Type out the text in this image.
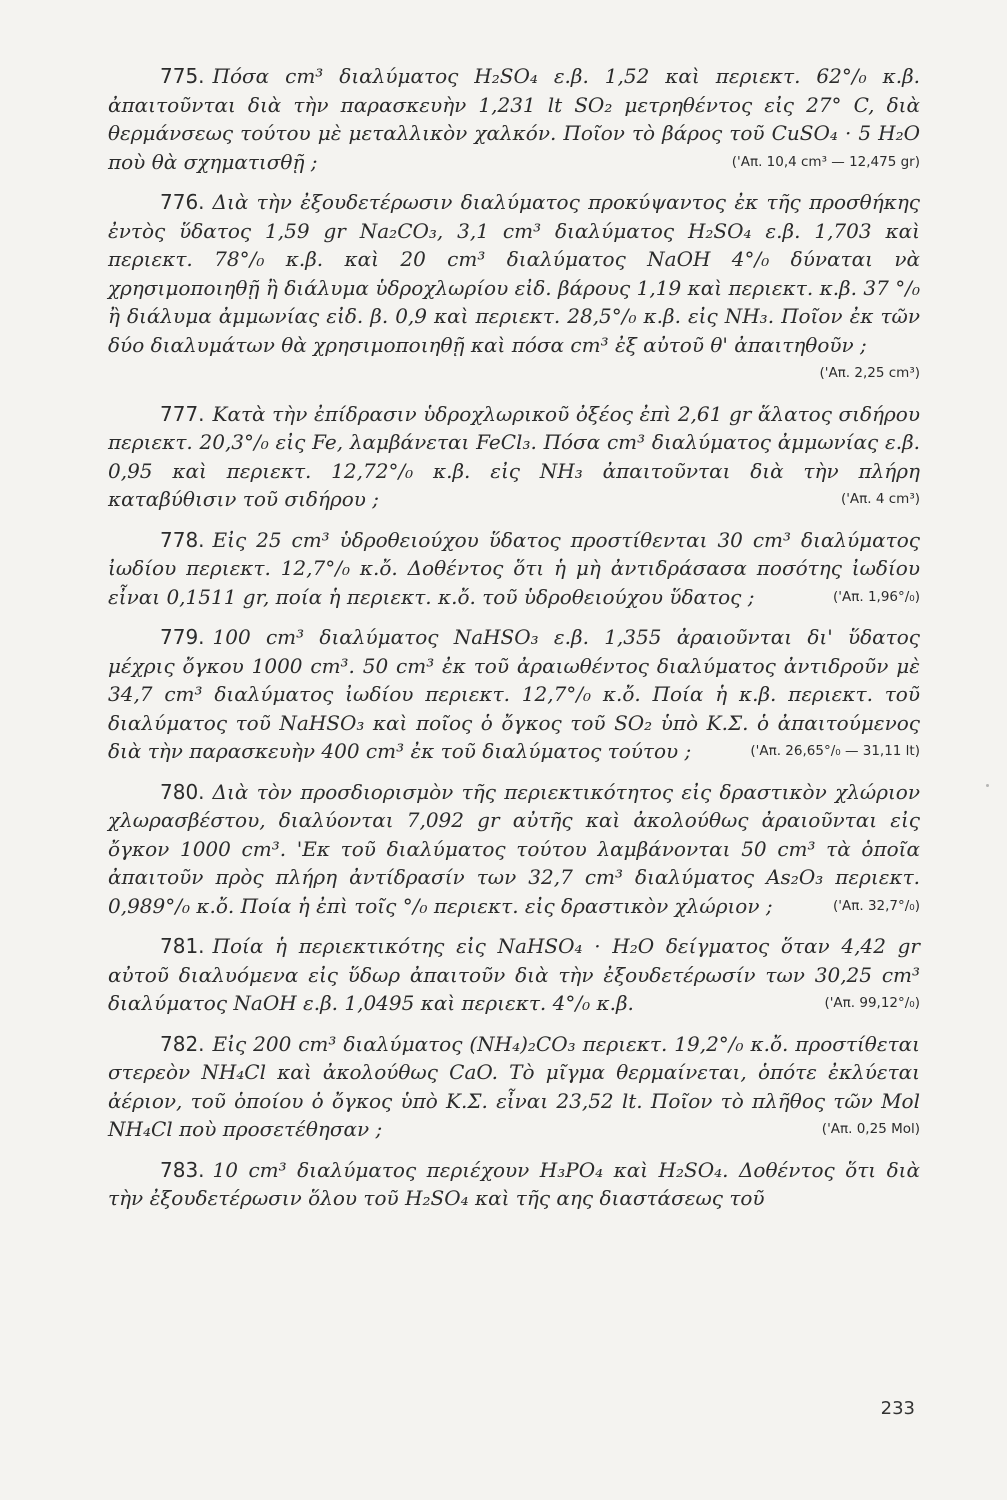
775. Πόσα cm³ διαλύματος H₂SO₄ ε.β. 1,52 καὶ περιεκτ. 62°/₀ κ.β. ἀπαιτοῦνται διὰ τὴν παρασκευὴν 1,231 lt SO₂ μετρηθέντος εἰς 27° C, διὰ θερμάνσεως τούτου μὲ μεταλλικὸν χαλκόν. Ποῖον τὸ βάρος τοῦ CuSO₄ · 5 H₂O ποὺ θὰ σχηματισθῇ ;	('Απ. 10,4 cm³ — 12,475 gr)

776. Διὰ τὴν ἐξουδετέρωσιν διαλύματος προκύψαντος ἐκ τῆς προσθήκης ἐντὸς ὕδατος 1,59 gr Na₂CO₃, 3,1 cm³ διαλύματος H₂SO₄ ε.β. 1,703 καὶ περιεκτ. 78°/₀ κ.β. καὶ 20 cm³ διαλύματος NaOH 4°/₀ δύναται νὰ χρησιμοποιηθῇ ἢ διάλυμα ὑδροχλωρίου εἰδ. βάρους 1,19 καὶ περιεκτ. κ.β. 37 °/₀ ἢ διάλυμα ἀμμωνίας εἰδ. β. 0,9 καὶ περιεκτ. 28,5°/₀ κ.β. εἰς NH₃. Ποῖον ἐκ τῶν δύο διαλυμάτων θὰ χρησιμοποιηθῇ καὶ πόσα cm³ ἐξ αὐτοῦ θ' ἀπαιτηθοῦν ;
('Απ. 2,25 cm³)

777. Κατὰ τὴν ἐπίδρασιν ὑδροχλωρικοῦ ὀξέος ἐπὶ 2,61 gr ἅλατος σιδήρου περιεκτ. 20,3°/₀ εἰς Fe, λαμβάνεται FeCl₃. Πόσα cm³ διαλύματος ἀμμωνίας ε.β. 0,95 καὶ περιεκτ. 12,72°/₀ κ.β. εἰς NH₃ ἀπαιτοῦνται διὰ τὴν πλήρη καταβύθισιν τοῦ σιδήρου ;	('Απ. 4 cm³)

778. Εἰς 25 cm³ ὑδροθειούχου ὕδατος προστίθενται 30 cm³ διαλύματος ἰωδίου περιεκτ. 12,7°/₀ κ.ὄ. Δοθέντος ὅτι ἡ μὴ ἀντιδράσασα ποσότης ἰωδίου εἶναι 0,1511 gr, ποία ἡ περιεκτ. κ.ὄ. τοῦ ὑδροθειούχου ὕδατος ;	('Απ. 1,96°/₀)

779. 100 cm³ διαλύματος NaHSO₃ ε.β. 1,355 ἀραιοῦνται δι' ὕδατος μέχρις ὄγκου 1000 cm³. 50 cm³ ἐκ τοῦ ἀραιωθέντος διαλύματος ἀντιδροῦν μὲ 34,7 cm³ διαλύματος ἰωδίου περιεκτ. 12,7°/₀ κ.ὄ. Ποία ἡ κ.β. περιεκτ. τοῦ διαλύματος τοῦ NaHSO₃ καὶ ποῖος ὁ ὄγκος τοῦ SO₂ ὑπὸ Κ.Σ. ὁ ἀπαιτούμενος διὰ τὴν παρασκευὴν 400 cm³ ἐκ τοῦ διαλύματος τούτου ;	('Απ. 26,65°/₀ — 31,11 lt)

780. Διὰ τὸν προσδιορισμὸν τῆς περιεκτικότητος εἰς δραστικὸν χλώριον χλωρασβέστου, διαλύονται 7,092 gr αὐτῆς καὶ ἀκολούθως ἀραιοῦνται εἰς ὄγκον 1000 cm³. 'Εκ τοῦ διαλύματος τούτου λαμβάνονται 50 cm³ τὰ ὁποῖα ἀπαιτοῦν πρὸς πλήρη ἀντίδρασίν των 32,7 cm³ διαλύματος As₂O₃ περιεκτ. 0,989°/₀ κ.ὄ. Ποία ἡ ἐπὶ τοῖς °/₀ περιεκτ. εἰς δραστικὸν χλώριον ;	('Απ. 32,7°/₀)

781. Ποία ἡ περιεκτικότης εἰς NaHSO₄ · H₂O δείγματος ὅταν 4,42 gr αὐτοῦ διαλυόμενα εἰς ὕδωρ ἀπαιτοῦν διὰ τὴν ἐξουδετέρωσίν των 30,25 cm³ διαλύματος NaOH ε.β. 1,0495 καὶ περιεκτ. 4°/₀ κ.β.	('Απ. 99,12°/₀)

782. Εἰς 200 cm³ διαλύματος (NH₄)₂CO₃ περιεκτ. 19,2°/₀ κ.ὄ. προστίθεται στερεὸν NH₄Cl καὶ ἀκολούθως CaO. Τὸ μῖγμα θερμαίνεται, ὁπότε ἐκλύεται ἀέριον, τοῦ ὁποίου ὁ ὄγκος ὑπὸ Κ.Σ. εἶναι 23,52 lt. Ποῖον τὸ πλῆθος τῶν Mol NH₄Cl ποὺ προσετέθησαν ;	('Απ. 0,25 Mol)

783. 10 cm³ διαλύματος περιέχουν H₃PO₄ καὶ H₂SO₄. Δοθέντος ὅτι διὰ τὴν ἐξουδετέρωσιν ὅλου τοῦ H₂SO₄ καὶ τῆς αης διαστάσεως τοῦ

233
